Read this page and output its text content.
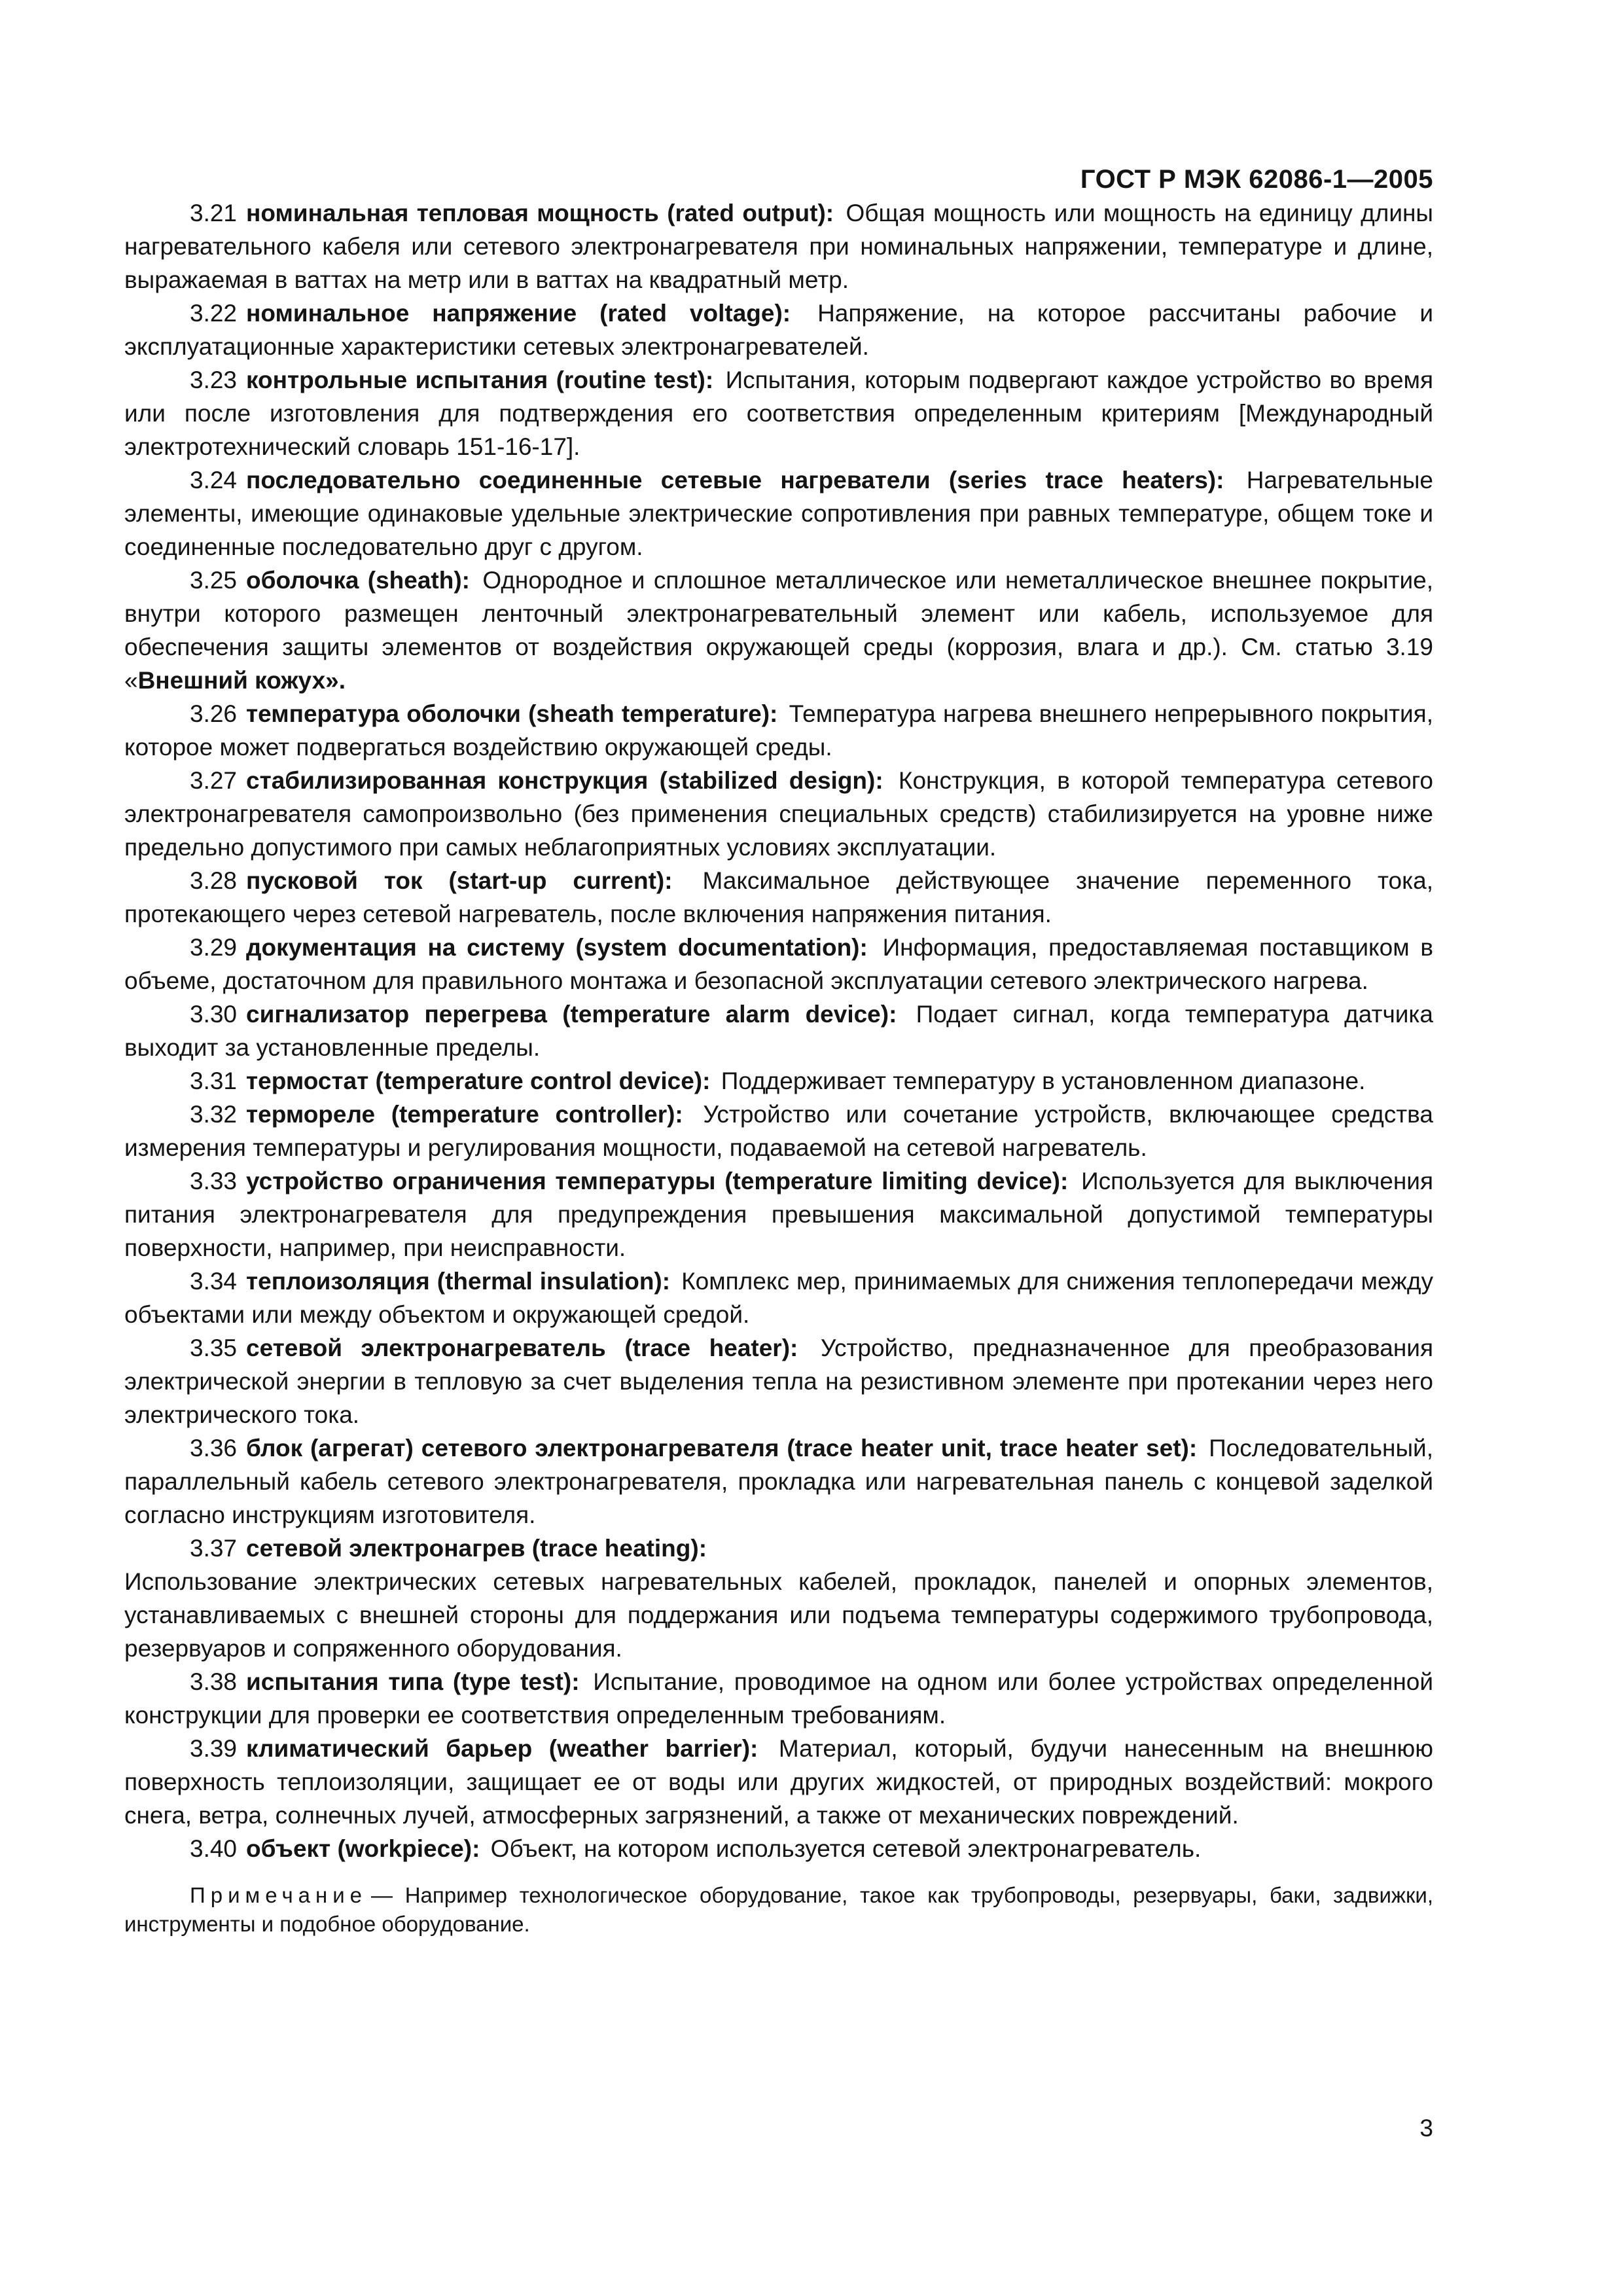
ГОСТ Р МЭК 62086-1—2005

3.21 номинальная тепловая мощность (rated output): Общая мощность или мощность на единицу длины нагревательного кабеля или сетевого электронагревателя при номинальных напряжении, температуре и длине, выражаемая в ваттах на метр или в ваттах на квадратный метр.

3.22 номинальное напряжение (rated voltage): Напряжение, на которое рассчитаны рабочие и эксплуатационные характеристики сетевых электронагревателей.

3.23 контрольные испытания (routine test): Испытания, которым подвергают каждое устройство во время или после изготовления для подтверждения его соответствия определенным критериям [Международный электротехнический словарь 151-16-17].

3.24 последовательно соединенные сетевые нагреватели (series trace heaters): Нагревательные элементы, имеющие одинаковые удельные электрические сопротивления при равных температуре, общем токе и соединенные последовательно друг с другом.

3.25 оболочка (sheath): Однородное и сплошное металлическое или неметаллическое внешнее покрытие, внутри которого размещен ленточный электронагревательный элемент или кабель, используемое для обеспечения защиты элементов от воздействия окружающей среды (коррозия, влага и др.). См. статью 3.19 «Внешний кожух».

3.26 температура оболочки (sheath temperature): Температура нагрева внешнего непрерывного покрытия, которое может подвергаться воздействию окружающей среды.

3.27 стабилизированная конструкция (stabilized design): Конструкция, в которой температура сетевого электронагревателя самопроизвольно (без применения специальных средств) стабилизируется на уровне ниже предельно допустимого при самых неблагоприятных условиях эксплуатации.

3.28 пусковой ток (start-up current): Максимальное действующее значение переменного тока, протекающего через сетевой нагреватель, после включения напряжения питания.

3.29 документация на систему (system documentation): Информация, предоставляемая поставщиком в объеме, достаточном для правильного монтажа и безопасной эксплуатации сетевого электрического нагрева.

3.30 сигнализатор перегрева (temperature alarm device): Подает сигнал, когда температура датчика выходит за установленные пределы.

3.31 термостат (temperature control device): Поддерживает температуру в установленном диапазоне.

3.32 термореле (temperature controller): Устройство или сочетание устройств, включающее средства измерения температуры и регулирования мощности, подаваемой на сетевой нагреватель.

3.33 устройство ограничения температуры (temperature limiting device): Используется для выключения питания электронагревателя для предупреждения превышения максимальной допустимой температуры поверхности, например, при неисправности.

3.34 теплоизоляция (thermal insulation): Комплекс мер, принимаемых для снижения теплопередачи между объектами или между объектом и окружающей средой.

3.35 сетевой электронагреватель (trace heater): Устройство, предназначенное для преобразования электрической энергии в тепловую за счет выделения тепла на резистивном элементе при протекании через него электрического тока.

3.36 блок (агрегат) сетевого электронагревателя (trace heater unit, trace heater set): Последовательный, параллельный кабель сетевого электронагревателя, прокладка или нагревательная панель с концевой заделкой согласно инструкциям изготовителя.

3.37 сетевой электронагрев (trace heating):

Использование электрических сетевых нагревательных кабелей, прокладок, панелей и опорных элементов, устанавливаемых с внешней стороны для поддержания или подъема температуры содержимого трубопровода, резервуаров и сопряженного оборудования.

3.38 испытания типа (type test): Испытание, проводимое на одном или более устройствах определенной конструкции для проверки ее соответствия определенным требованиям.

3.39 климатический барьер (weather barrier): Материал, который, будучи нанесенным на внешнюю поверхность теплоизоляции, защищает ее от воды или других жидкостей, от природных воздействий: мокрого снега, ветра, солнечных лучей, атмосферных загрязнений, а также от механических повреждений.

3.40 объект (workpiece): Объект, на котором используется сетевой электронагреватель.

Примечание — Например технологическое оборудование, такое как трубопроводы, резервуары, баки, задвижки, инструменты и подобное оборудование.

3
